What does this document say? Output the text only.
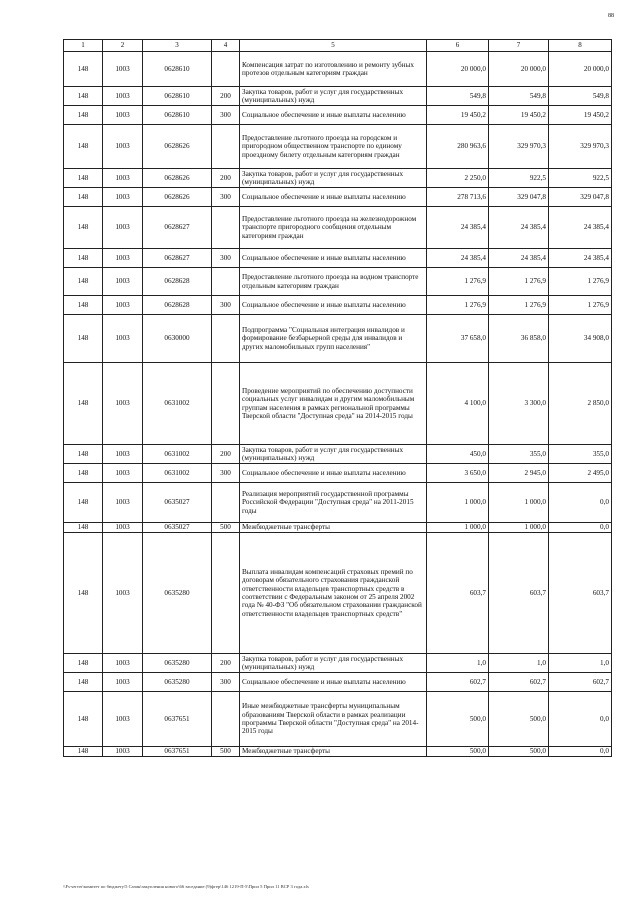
88
1	2	3	4	5	6	7	8
148	1003	0628610		Компенсация затрат по изготовлению и ремонту зубных протезов отдельным категориям граждан	20 000,0	20 000,0	20 000,0
148	1003	0628610	200	Закупка товаров, работ и услуг для государственных (муниципальных) нужд	549,8	549,8	549,8
148	1003	0628610	300	Социальное обеспечение и иные выплаты населению	19 450,2	19 450,2	19 450,2
148	1003	0628626		Предоставление льготного проезда на городском и пригородном общественном транспорте по единому проездному билету отдельным категориям граждан	280 963,6	329 970,3	329 970,3
148	1003	0628626	200	Закупка товаров, работ и услуг для государственных (муниципальных) нужд	2 250,0	922,5	922,5
148	1003	0628626	300	Социальное обеспечение и иные выплаты населению	278 713,6	329 047,8	329 047,8
148	1003	0628627		Предоставление льготного проезда на железнодорожном транспорте пригородного сообщения отдельным категориям граждан	24 385,4	24 385,4	24 385,4
148	1003	0628627	300	Социальное обеспечение и иные выплаты населению	24 385,4	24 385,4	24 385,4
148	1003	0628628		Предоставление льготного проезда на водном транспорте отдельным категориям граждан	1 276,9	1 276,9	1 276,9
148	1003	0628628	300	Социальное обеспечение и иные выплаты населению	1 276,9	1 276,9	1 276,9
148	1003	0630000		Подпрограмма "Социальная интеграция инвалидов и формирование безбарьерной среды для инвалидов и других маломобильных групп населения"	37 658,0	36 858,0	34 908,0
148	1003	0631002		Проведение мероприятий по обеспечению доступности социальных услуг инвалидам и другим маломобильным группам населения в рамках региональной программы Тверской области "Доступная среда" на 2014-2015 годы	4 100,0	3 300,0	2 850,0
148	1003	0631002	200	Закупка товаров, работ и услуг для государственных (муниципальных) нужд	450,0	355,0	355,0
148	1003	0631002	300	Социальное обеспечение и иные выплаты населению	3 650,0	2 945,0	2 495,0
148	1003	0635027		Реализация мероприятий государственной программы Российской Федерации "Доступная среда" на 2011-2015 годы	1 000,0	1 000,0	0,0
148	1003	0635027	500	Межбюджетные трансферты	1 000,0	1 000,0	0,0
148	1003	0635280		Выплата инвалидам компенсаций страховых премий по договорам обязательного страхования гражданской ответственности владельцев транспортных средств в соответствии с Федеральным законом от 25 апреля 2002 года № 40-ФЗ "Об обязательном страховании гражданской ответственности владельцев транспортных средств"	603,7	603,7	603,7
148	1003	0635280	200	Закупка товаров, работ и услуг для государственных (муниципальных) нужд	1,0	1,0	1,0
148	1003	0635280	300	Социальное обеспечение и иные выплаты населению	602,7	602,7	602,7
148	1003	0637651		Иные межбюджетные трансферты муниципальным образованиям Тверской области в рамках реализации программы Тверской области "Доступная среда" на 2014-2015 годы	500,0	500,0	0,0
148	1003	0637651	500	Межбюджетные трансферты	500,0	500,0	0,0
\\Fs-server\комитет по бюджету\5 Сазин\закупления нового\66 заседание (9)фгер\146 1219-П-5\Прил 5 Прил 11 ВСР 3 года.xls
